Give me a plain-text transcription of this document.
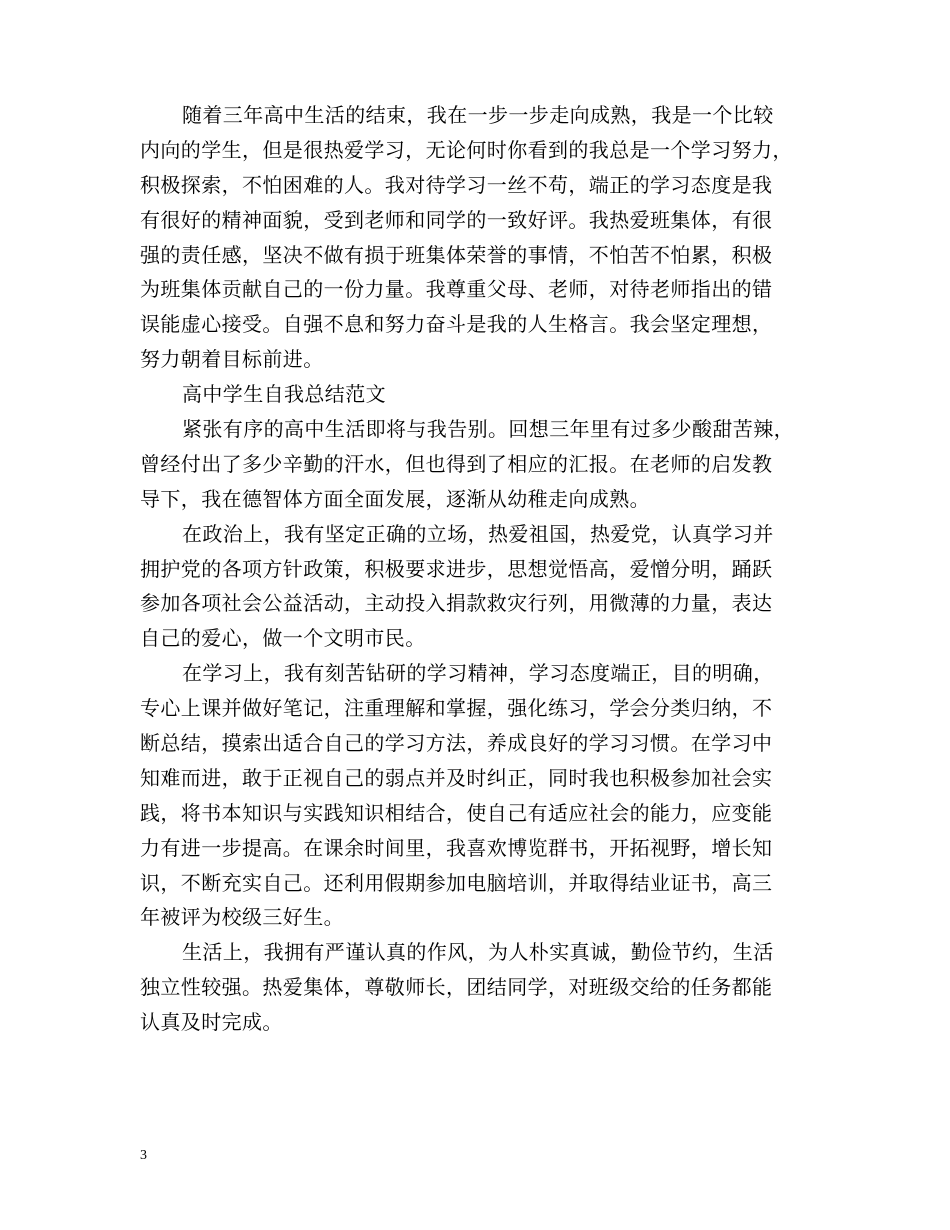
随着三年高中生活的结束，我在一步一步走向成熟，我是一个比较
内向的学生，但是很热爱学习，无论何时你看到的我总是一个学习努力，
积极探索，不怕困难的人。我对待学习一丝不苟，端正的学习态度是我
有很好的精神面貌，受到老师和同学的一致好评。我热爱班集体，有很
强的责任感，坚决不做有损于班集体荣誉的事情，不怕苦不怕累，积极
为班集体贡献自己的一份力量。我尊重父母、老师，对待老师指出的错
误能虚心接受。自强不息和努力奋斗是我的人生格言。我会坚定理想，
努力朝着目标前进。
高中学生自我总结范文
紧张有序的高中生活即将与我告别。回想三年里有过多少酸甜苦辣，
曾经付出了多少辛勤的汗水，但也得到了相应的汇报。在老师的启发教
导下，我在德智体方面全面发展，逐渐从幼稚走向成熟。
在政治上，我有坚定正确的立场，热爱祖国，热爱党，认真学习并
拥护党的各项方针政策，积极要求进步，思想觉悟高，爱憎分明，踊跃
参加各项社会公益活动，主动投入捐款救灾行列，用微薄的力量，表达
自己的爱心，做一个文明市民。
在学习上，我有刻苦钻研的学习精神，学习态度端正，目的明确，
专心上课并做好笔记，注重理解和掌握，强化练习，学会分类归纳，不
断总结，摸索出适合自己的学习方法，养成良好的学习习惯。在学习中
知难而进，敢于正视自己的弱点并及时纠正，同时我也积极参加社会实
践，将书本知识与实践知识相结合，使自己有适应社会的能力，应变能
力有进一步提高。在课余时间里，我喜欢博览群书，开拓视野，增长知
识，不断充实自己。还利用假期参加电脑培训，并取得结业证书，高三
年被评为校级三好生。
生活上，我拥有严谨认真的作风，为人朴实真诚，勤俭节约，生活
独立性较强。热爱集体，尊敬师长，团结同学，对班级交给的任务都能
认真及时完成。
3
